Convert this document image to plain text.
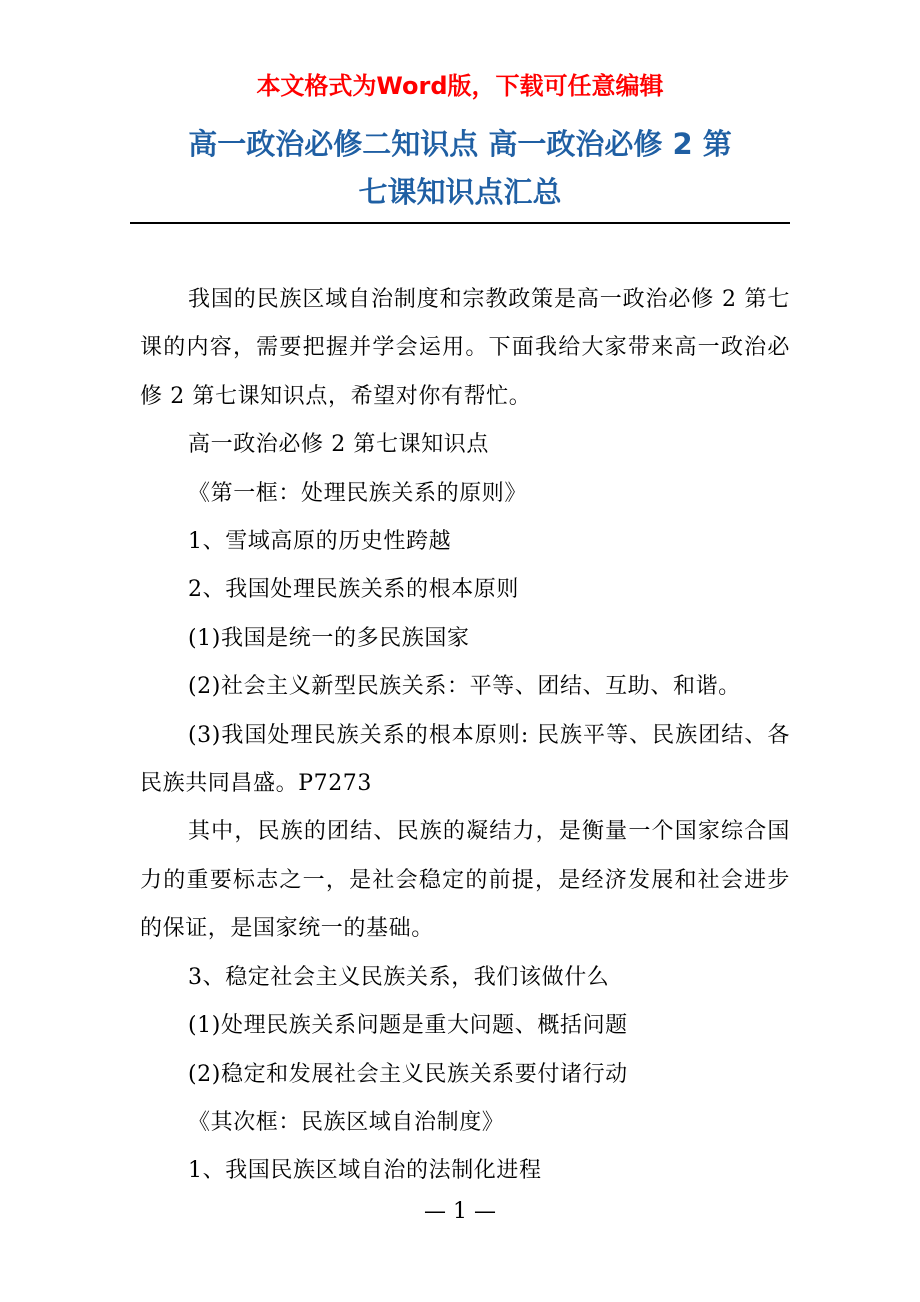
本文格式为Word版，下载可任意编辑
高一政治必修二知识点 高一政治必修 2 第
七课知识点汇总

我国的民族区域自治制度和宗教政策是高一政治必修 2 第七课的内容，需要把握并学会运用。下面我给大家带来高一政治必修 2 第七课知识点，希望对你有帮忙。

高一政治必修 2 第七课知识点

《第一框：处理民族关系的原则》

1、雪域高原的历史性跨越

2、我国处理民族关系的根本原则

(1)我国是统一的多民族国家

(2)社会主义新型民族关系：平等、团结、互助、和谐。

(3)我国处理民族关系的根本原则: 民族平等、民族团结、各民族共同昌盛。P7273

其中，民族的团结、民族的凝结力，是衡量一个国家综合国力的重要标志之一，是社会稳定的前提，是经济发展和社会进步的保证，是国家统一的基础。

3、稳定社会主义民族关系，我们该做什么

(1)处理民族关系问题是重大问题、概括问题

(2)稳定和发展社会主义民族关系要付诸行动

《其次框：民族区域自治制度》

1、我国民族区域自治的法制化进程

— 1 —
